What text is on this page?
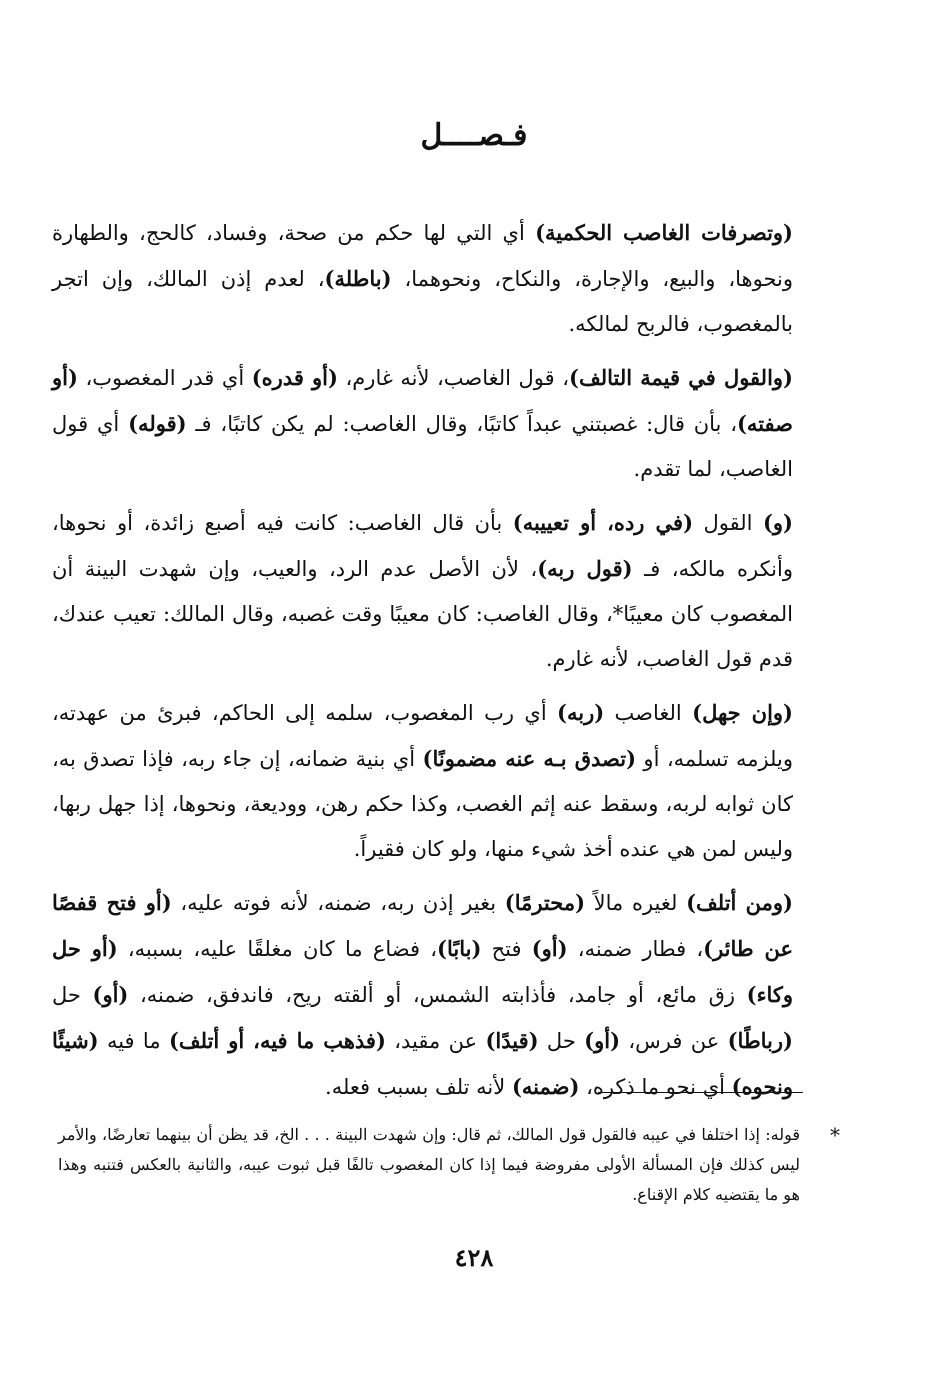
فـصــــل

(وتصرفات الغاصب الحكمية) أي التي لها حكم من صحة، وفساد، كالحج، والطهارة ونحوها، والبيع، والإجارة، والنكاح، ونحوهما، (باطلة)، لعدم إذن المالك، وإن اتجر بالمغصوب، فالربح لمالكه.

(والقول في قيمة التالف)، قول الغاصب، لأنه غارم، (أو قدره) أي قدر المغصوب، (أو صفته)، بأن قال: غصبتني عبداً كاتبًا، وقال الغاصب: لم يكن كاتبًا، فـ (قوله) أي قول الغاصب، لما تقدم.

(و) القول (في رده، أو تعييبه) بأن قال الغاصب: كانت فيه أصبع زائدة، أو نحوها، وأنكره مالكه، فـ (قول ربه)، لأن الأصل عدم الرد، والعيب، وإن شهدت البينة أن المغصوب كان معيبًا*، وقال الغاصب: كان معيبًا وقت غصبه، وقال المالك: تعيب عندك، قدم قول الغاصب، لأنه غارم.

(وإن جهل) الغاصب (ربه) أي رب المغصوب، سلمه إلى الحاكم، فبرئ من عهدته، ويلزمه تسلمه، أو (تصدق بـه عنه مضمونًا) أي بنية ضمانه، إن جاء ربه، فإذا تصدق به، كان ثوابه لربه، وسقط عنه إثم الغصب، وكذا حكم رهن، ووديعة، ونحوها، إذا جهل ربها، وليس لمن هي عنده أخذ شيء منها، ولو كان فقيراً.

(ومن أتلف) لغيره مالاً (محترمًا) بغير إذن ربه، ضمنه، لأنه فوته عليه، (أو فتح قفصًا عن طائر)، فطار ضمنه، (أو) فتح (بابًا)، فضاع ما كان مغلقًا عليه، بسببه، (أو حل وكاء) زق مائع، أو جامد، فأذابته الشمس، أو ألقته ريح، فاندفق، ضمنه، (أو) حل (رباطًا) عن فرس، (أو) حل (قيدًا) عن مقيد، (فذهب ما فيه، أو أتلف) ما فيه (شيئًا ونحوه) أي نحو ما ذكره، (ضمنه) لأنه تلف بسبب فعله.

*
قوله: إذا اختلفا في عيبه فالقول قول المالك، ثم قال: وإن شهدت البينة . . . الخ، قد يظن أن بينهما تعارضًا، والأمر ليس كذلك فإن المسألة الأولى مفروضة فيما إذا كان المغصوب تالفًا قبل ثبوت عيبه، والثانية بالعكس فتنبه وهذا هو ما يقتضيه كلام الإقناع.
٤٢٨
